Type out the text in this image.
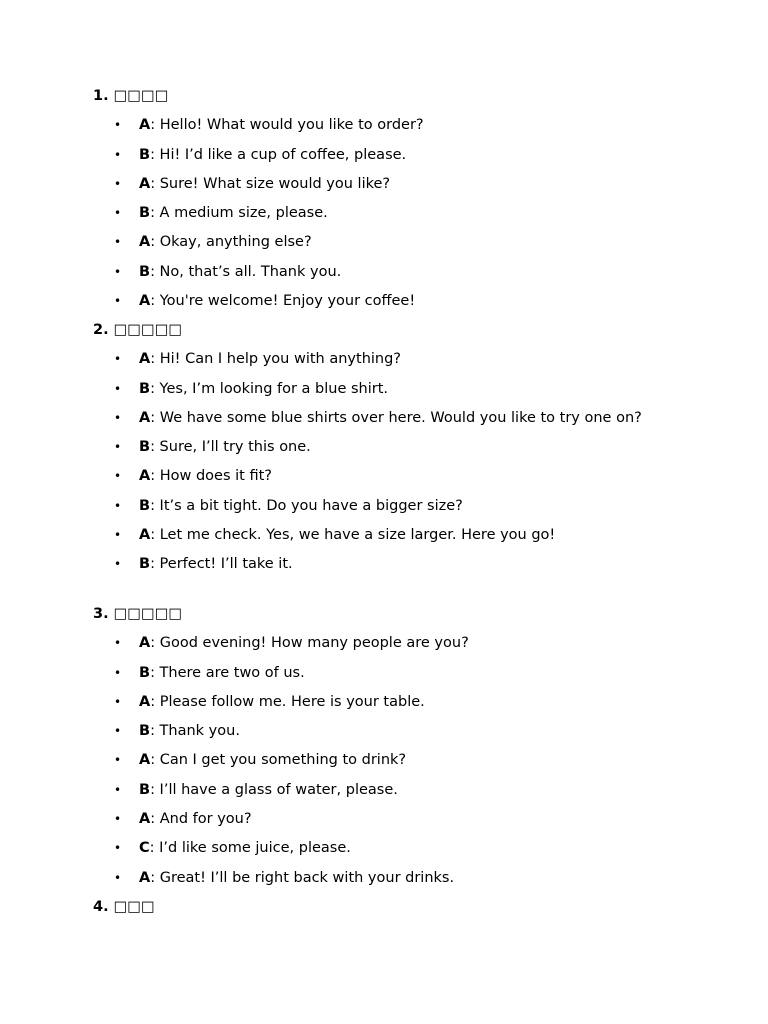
1. □□□□
• A: Hello! What would you like to order?
• B: Hi! I’d like a cup of coffee, please.
• A: Sure! What size would you like?
• B: A medium size, please.
• A: Okay, anything else?
• B: No, that’s all. Thank you.
• A: You're welcome! Enjoy your coffee!
2. □□□□□
• A: Hi! Can I help you with anything?
• B: Yes, I’m looking for a blue shirt.
• A: We have some blue shirts over here. Would you like to try one on?
• B: Sure, I’ll try this one.
• A: How does it fit?
• B: It’s a bit tight. Do you have a bigger size?
• A: Let me check. Yes, we have a size larger. Here you go!
• B: Perfect! I’ll take it.
3. □□□□□
• A: Good evening! How many people are you?
• B: There are two of us.
• A: Please follow me. Here is your table.
• B: Thank you.
• A: Can I get you something to drink?
• B: I’ll have a glass of water, please.
• A: And for you?
• C: I’d like some juice, please.
• A: Great! I’ll be right back with your drinks.
4. □□□
